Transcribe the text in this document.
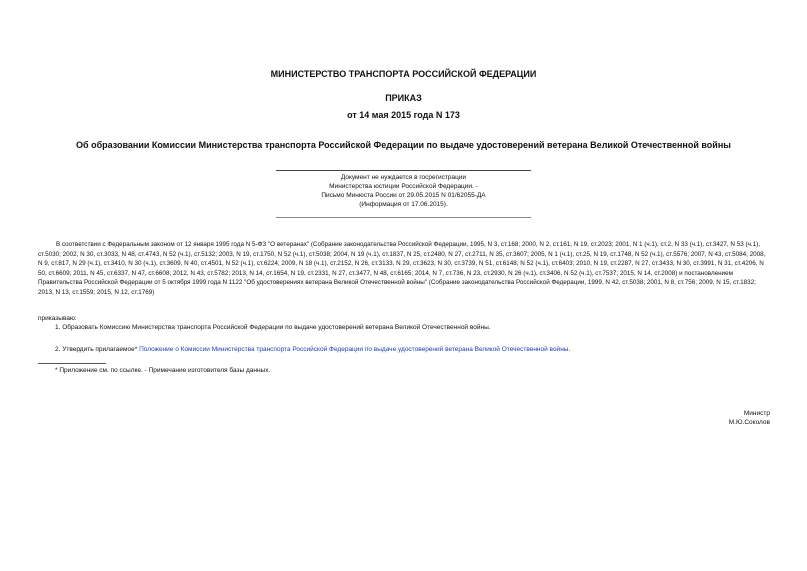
МИНИСТЕРСТВО ТРАНСПОРТА РОССИЙСКОЙ ФЕДЕРАЦИИ
ПРИКАЗ
от 14 мая 2015 года N 173
Об образовании Комиссии Министерства транспорта Российской Федерации по выдаче удостоверений ветерана Великой Отечественной войны
Документ не нуждается в госрегистрации
Министерства юстиции Российской Федерации. -
Письмо Минюста России от 29.05.2015 N 01/62055-ДА
(Информация от 17.06.2015).
В соответствии с Федеральным законом от 12 января 1995 года N 5-ФЗ "О ветеранах" (Собрание законодательства Российской Федерации, 1995, N 3, ст.168; 2000, N 2, ст.161, N 19, ст.2023; 2001, N 1 (ч.1), ст.2, N 33 (ч.1), ст.3427, N 53 (ч.1), ст.5030; 2002, N 30, ст.3033, N 48, ст.4743, N 52 (ч.1), ст.5132; 2003, N 19, ст.1750, N 52 (ч.1), ст.5038; 2004, N 19 (ч.1), ст.1837, N 25, ст.2480, N 27, ст.2711, N 35, ст.3607; 2005, N 1 (ч.1), ст.25, N 19, ст.1748, N 52 (ч.1), ст.5576; 2007, N 43, ст.5084; 2008, N 9, ст.817, N 29 (ч.1), ст.3410, N 30 (ч.1), ст.3609, N 40, ст.4501, N 52 (ч.1), ст.6224; 2009, N 18 (ч.1), ст.2152, N 26, ст.3133, N 29, ст.3623, N 30, ст.3739, N 51, ст.6148, N 52 (ч.1), ст.6403; 2010, N 19, ст.2287, N 27, ст.3433, N 30, ст.3991, N 31, ст.4206, N 50, ст.6609; 2011, N 45, ст.6337, N 47, ст.6608; 2012, N 43, ст.5782; 2013, N 14, ст.1654, N 19, ст.2331, N 27, ст.3477, N 48, ст.6165; 2014, N 7, ст.736, N 23, ст.2930, N 26 (ч.1), ст.3406, N 52 (ч.1), ст.7537; 2015, N 14, ст.2008) и постановлением Правительства Российской Федерации от 5 октября 1999 года N 1122 "Об удостоверениях ветерана Великой Отечественной войны" (Собрание законодательства Российской Федерации, 1999, N 42, ст.5038; 2001, N 8, ст.756; 2009, N 15, ст.1832; 2013, N 13, ст.1559; 2015, N 12, ст.1769)
приказываю:
1. Образовать Комиссию Министерства транспорта Российской Федерации по выдаче удостоверений ветерана Великой Отечественной войны.
2. Утвердить прилагаемое* Положение о Комиссии Министерства транспорта Российской Федерации по выдаче удостоверений ветерана Великой Отечественной войны.
* Приложение см. по ссылке. - Примечание изготовителя базы данных.
Министр
М.Ю.Соколов
